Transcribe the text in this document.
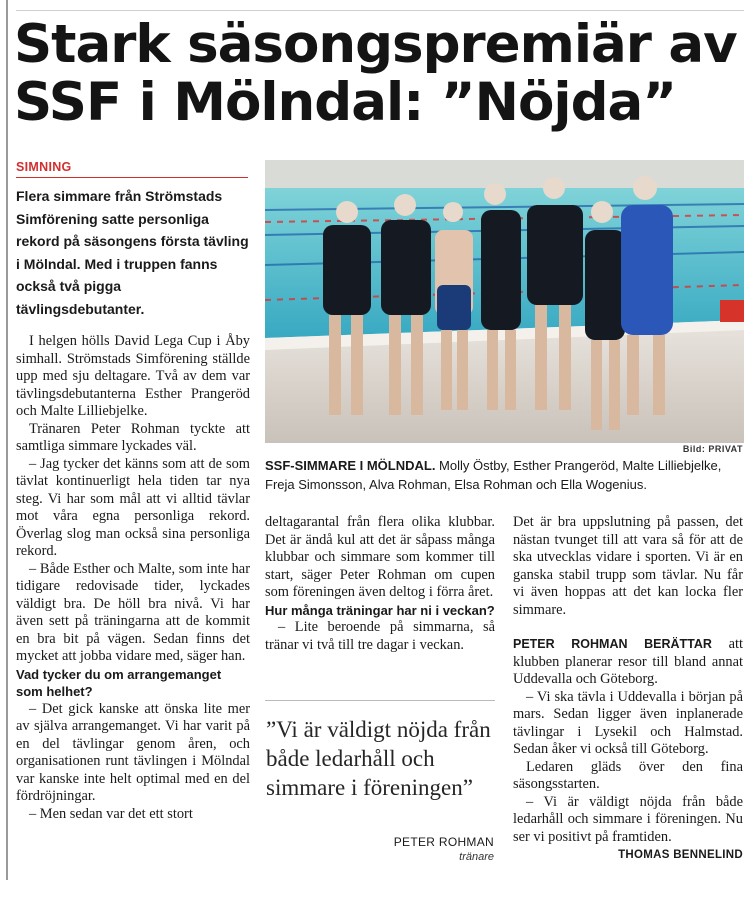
Stark säsongspremiär av
SSF i Mölndal: ”Nöjda”
SIMNING

Flera simmare från Strömstads Simförening satte personliga rekord på säsongens första tävling i Mölndal. Med i truppen fanns också två pigga tävlingsdebutanter.

I helgen hölls David Lega Cup i Åby simhall. Strömstads Simförening ställde upp med sju deltagare. Två av dem var tävlingsdebutanterna Esther Prangeröd och Malte Lilliebjelke.

Tränaren Peter Rohman tyckte att samtliga simmare lyckades väl.

– Jag tycker det känns som att de som tävlat kontinuerligt hela tiden tar nya steg. Vi har som mål att vi alltid tävlar mot våra egna personliga rekord. Överlag slog man också sina personliga rekord.

– Både Esther och Malte, som inte har tidigare redovisade tider, lyckades väldigt bra. De höll bra nivå. Vi har även sett på träningarna att de kommit en bra bit på vägen. Sedan finns det mycket att jobba vidare med, säger han.

Vad tycker du om arrangemanget som helhet?

– Det gick kanske att önska lite mer av själva arrangemanget. Vi har varit på en del tävlingar genom åren, och organisationen runt tävlingen i Mölndal var kanske inte helt optimal med en del fördröjningar.

– Men sedan var det ett stort

Bild: PRIVAT

SSF-SIMMARE I MÖLNDAL. Molly Östby, Esther Prangeröd, Malte Lilliebjelke, Freja Simonsson, Alva Rohman, Elsa Rohman och Ella Wogenius.

deltagarantal från flera olika klubbar. Det är ändå kul att det är såpass många klubbar och simmare som kommer till start, säger Peter Rohman om cupen som föreningen även deltog i förra året.

Hur många träningar har ni i veckan?

– Lite beroende på simmarna, så tränar vi två till tre dagar i veckan.

”Vi är väldigt nöjda från både ledarhåll och simmare i föreningen”

PETER ROHMAN
tränare

Det är bra uppslutning på passen, det nästan tvunget till att vara så för att de ska utvecklas vidare i sporten. Vi är en ganska stabil trupp som tävlar. Nu får vi även hoppas att det kan locka fler simmare.

PETER ROHMAN BERÄTTAR att klubben planerar resor till bland annat Uddevalla och Göteborg.

– Vi ska tävla i Uddevalla i början på mars. Sedan ligger även inplanerade tävlingar i Lysekil och Halmstad. Sedan åker vi också till Göteborg.

Ledaren gläds över den fina säsongsstarten.

– Vi är väldigt nöjda från både ledarhåll och simmare i föreningen. Nu ser vi positivt på framtiden.

THOMAS BENNELIND
